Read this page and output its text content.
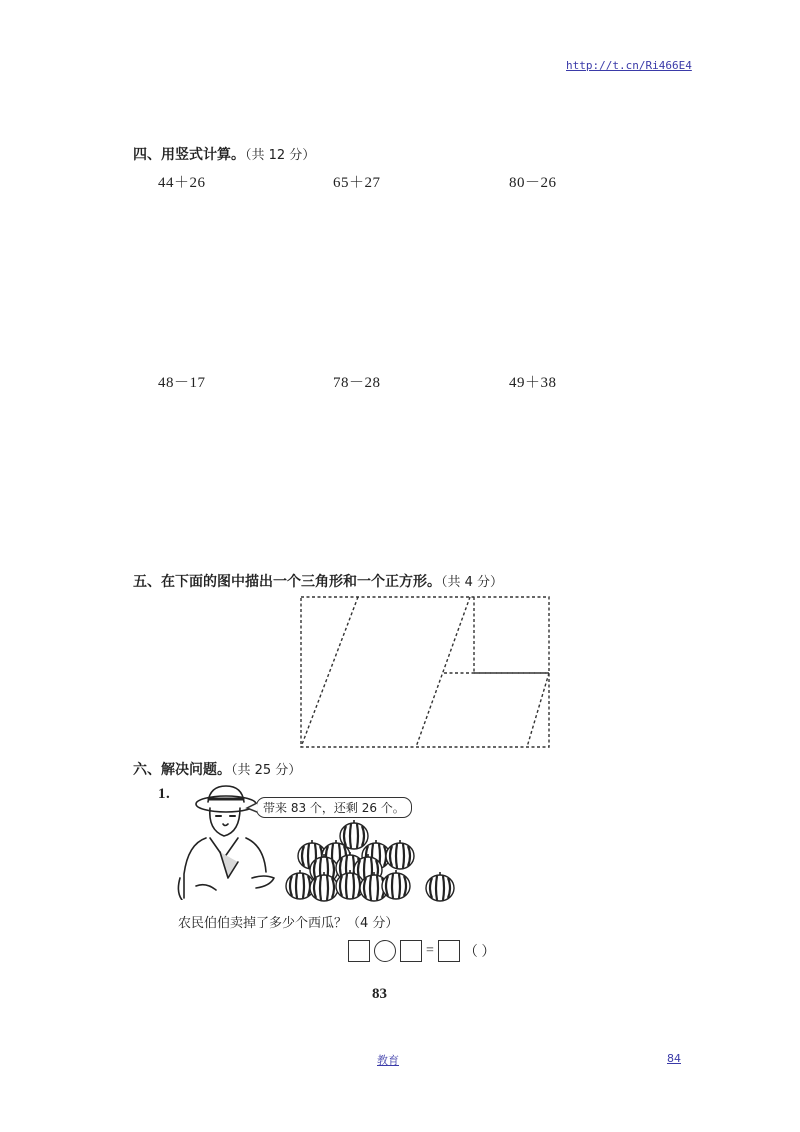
http://t.cn/Ri466E4
四、用竖式计算。（共 12 分）
44＋26	65＋27	80－26
48－17	78－28	49＋38
五、在下面的图中描出一个三角形和一个正方形。（共 4 分）
六、解决问题。（共 25 分）
1.
带来 83 个，还剩 26 个。
农民伯伯卖掉了多少个西瓜？（4 分）
= （ ）
83
教育	84
